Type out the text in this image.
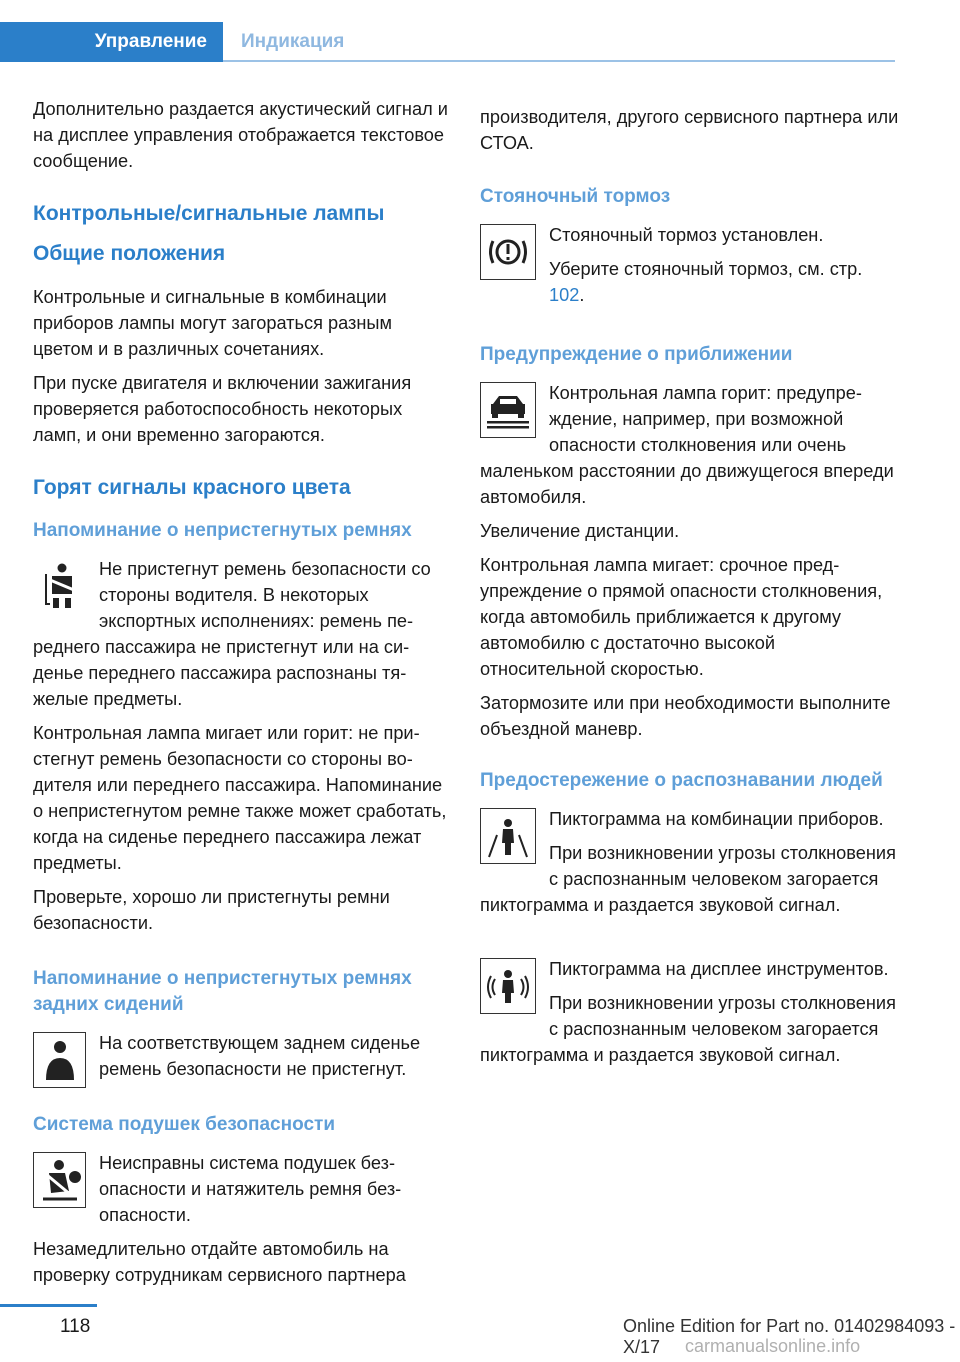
Управление Индикация

Дополнительно раздается акустический сигнал и на дисплее управления отображается текстовое сообщение.

Контрольные/сигнальные лампы
Общие положения

Контрольные и сигнальные в комбинации приборов лампы могут загораться разным цветом и в различных сочетаниях.

При пуске двигателя и включении зажигания проверяется работоспособность некоторых ламп, и они временно загораются.

Горят сигналы красного цвета
Напоминание о непристегнутых ремнях

Не пристегнут ремень безопасности со стороны водителя. В некоторых экспортных исполнениях: ремень переднего пассажира не пристегнут или на сиденье переднего пассажира распознаны тяжелые предметы.

Контрольная лампа мигает или горит: не пристегнут ремень безопасности со стороны водителя или переднего пассажира. Напоминание о непристегнутом ремне также может сработать, когда на сиденье переднего пассажира лежат предметы.

Проверьте, хорошо ли пристегнуты ремни безопасности.

Напоминание о непристегнутых ремнях задних сидений

На соответствующем заднем сиденье ремень безопасности не пристегнут.

Система подушек безопасности

Неисправны система подушек безопасности и натяжитель ремня безопасности.

Незамедлительно отдайте автомобиль на проверку сотрудникам сервисного партнера

производителя, другого сервисного партнера или СТОА.

Стояночный тормоз

Стояночный тормоз установлен.

Уберите стояночный тормоз, см. стр. 102.

Предупреждение о приближении

Контрольная лампа горит: предупреждение, например, при возможной опасности столкновения или очень маленьком расстоянии до движущегося впереди автомобиля.

Увеличение дистанции.

Контрольная лампа мигает: срочное предупреждение о прямой опасности столкновения, когда автомобиль приближается к другому автомобилю с достаточно высокой относительной скоростью.

Затормозите или при необходимости выполните объездной маневр.

Предостережение о распознавании людей

Пиктограмма на комбинации приборов.

При возникновении угрозы столкновения с распознанным человеком загорается пиктограмма и раздается звуковой сигнал.

Пиктограмма на дисплее инструментов.

При возникновении угрозы столкновения с распознанным человеком загорается пиктограмма и раздается звуковой сигнал.

118	Online Edition for Part no. 01402984093 - X/17	carmanualsonline.info
